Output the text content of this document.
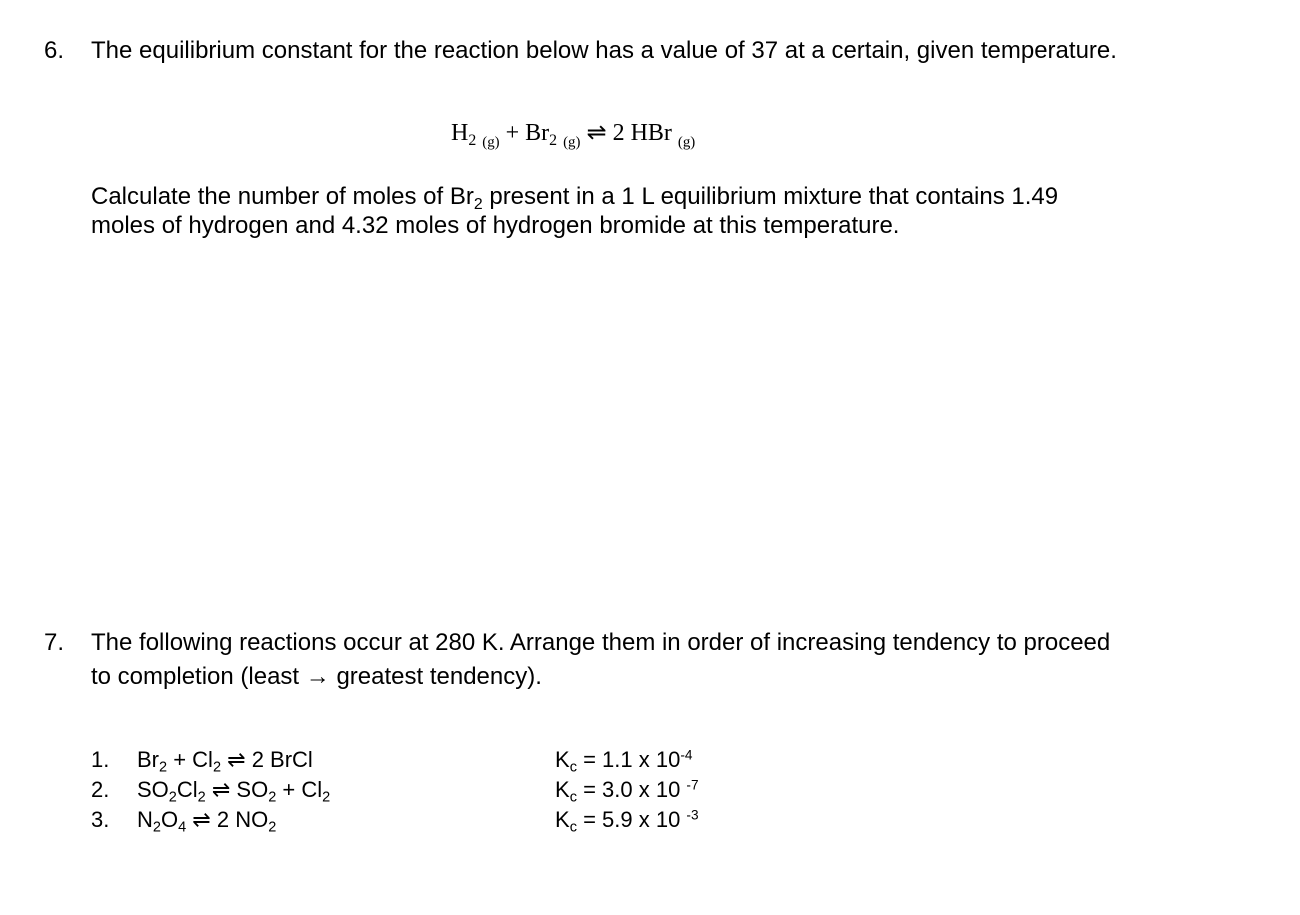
6. The equilibrium constant for the reaction below has a value of 37 at a certain, given temperature.
$H_2$ $_{(g)} + Br_2$ $_{(g)}$ ⇌ 2 HBr $_{(g)}$
Calculate the number of moles of $Br_2$ present in a 1 L equilibrium mixture that contains 1.49
moles of hydrogen and 4.32 moles of hydrogen bromide at this temperature.
7. The following reactions occur at 280 K. Arrange them in order of increasing tendency to proceed
to completion (least → greatest tendency).
1. $Br_2 + Cl_2$ ⇌ 2 BrCl
2. $SO_2Cl_2$ ⇌ $SO_2 + Cl_2$
3. $N_2O_4$ ⇌ 2 $NO_2$
$K_c = 1.1$ x $10^{-4}$
$K_c = 3.0$ x 10 $^{-7}$
$K_c = 5.9$ x 10 $^{-3}$
